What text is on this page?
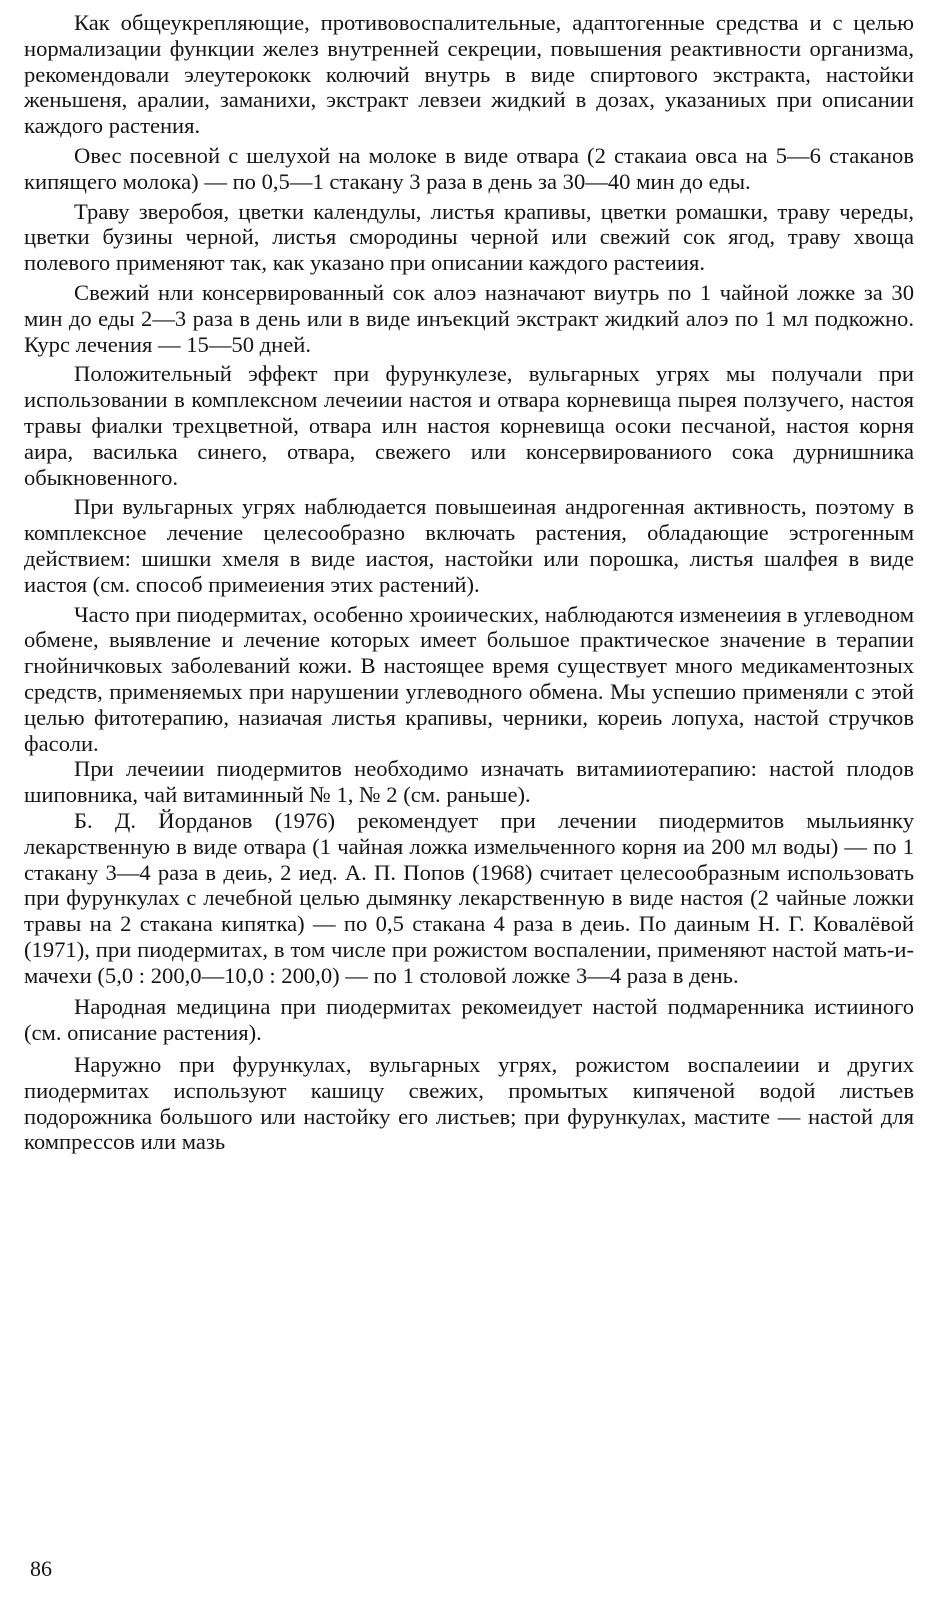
Как общеукрепляющие, противовоспалительные, адаптогенные средства и с целью нормализации функции желез внутренней секреции, повышения реактивности организма, рекомендовали элеутерококк колючий внутрь в виде спиртового экстракта, настойки женьшеня, аралии, заманихи, экстракт левзеи жидкий в дозах, указаниых при описании каждого растения.

Овес посевной с шелухой на молоке в виде отвара (2 стакаиа овса на 5—6 стаканов кипящего молока) — по 0,5—1 стакану 3 раза в день за 30—40 мин до еды.

Траву зверобоя, цветки календулы, листья крапивы, цветки ромашки, траву череды, цветки бузины черной, листья смородины черной или свежий сок ягод, траву хвоща полевого применяют так, как указано при описании каждого растеиия.

Свежий нли консервированный сок алоэ назначают виутрь по 1 чайной ложке за 30 мин до еды 2—3 раза в день или в виде инъекций экстракт жидкий алоэ по 1 мл подкожно. Курс лечения — 15—50 дней.

Положительный эффект при фурункулезе, вульгарных угрях мы получали при использовании в комплексном лечеиии настоя и отвара корневища пырея ползучего, настоя травы фиалки трехцветной, отвара илн настоя корневища осоки песчаной, настоя корня аира, василька синего, отвара, свежего или консервированиого сока дурнишника обыкновенного.

При вульгарных угрях наблюдается повышеиная андрогенная активность, поэтому в комплексное лечение целесообразно включать растения, обладающие эстрогенным действием: шишки хмеля в виде иастоя, настойки или порошка, листья шалфея в виде иастоя (см. способ примеиения этих растений).

Часто при пиодермитах, особенно хроиических, наблюдаются изменеиия в углеводном обмене, выявление и лечение которых имеет большое практическое значение в терапии гнойничковых заболеваний кожи. В настоящее время существует много медикаментозных средств, применяемых при нарушении углеводного обмена. Мы успешио применяли с этой целью фитотерапию, назиачая листья крапивы, черники, кореиь лопуха, настой стручков фасоли.

При лечеиии пиодермитов необходимо изначать витамииотерапию: настой плодов шиповника, чай витаминный № 1, № 2 (см. раньше).

Б. Д. Йорданов (1976) рекомендует при лечении пиодермитов мыльиянку лекарственную в виде отвара (1 чайная ложка измельченного корня иа 200 мл воды) — по 1 стакану 3—4 раза в деиь, 2 иед. А. П. Попов (1968) считает целесообразным использовать при фурункулах с лечебной целью дымянку лекарственную в виде настоя (2 чайные ложки травы на 2 стакана кипятка) — по 0,5 стакана 4 раза в деиь. По даиным Н. Г. Ковалёвой (1971), при пиодермитах, в том числе при рожистом воспалении, применяют настой мать-и-мачехи (5,0 : 200,0—10,0 : 200,0) — по 1 столовой ложке 3—4 раза в день.

Народная медицина при пиодермитах рекомеидует настой подмаренника истииного (см. описание растения).

Наружно при фурункулах, вульгарных угрях, рожистом воспалеиии и других пиодермитах используют кашицу свежих, промытых кипяченой водой листьев подорожника большого или настойку его листьев; при фурункулах, мастите — настой для компрессов или мазь

86
